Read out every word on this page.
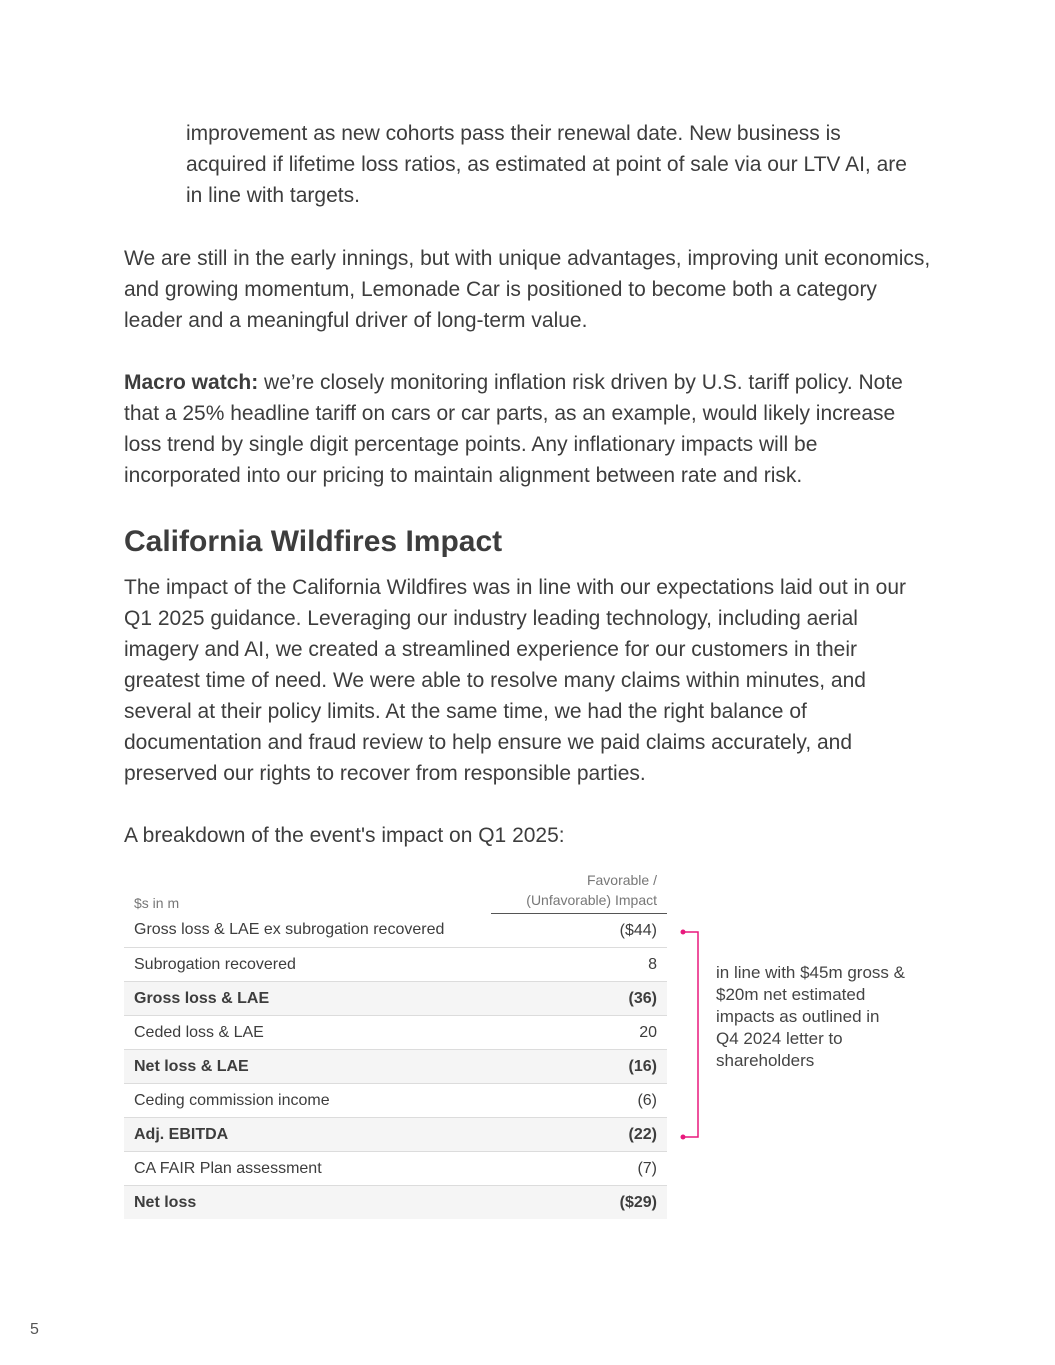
improvement as new cohorts pass their renewal date. New business is acquired if lifetime loss ratios, as estimated at point of sale via our LTV AI, are in line with targets.

We are still in the early innings, but with unique advantages, improving unit economics, and growing momentum, Lemonade Car is positioned to become both a category leader and a meaningful driver of long-term value.

Macro watch: we’re closely monitoring inflation risk driven by U.S. tariff policy. Note that a 25% headline tariff on cars or car parts, as an example, would likely increase loss trend by single digit percentage points. Any inflationary impacts will be incorporated into our pricing to maintain alignment between rate and risk.

California Wildfires Impact

The impact of the California Wildfires was in line with our expectations laid out in our Q1 2025 guidance. Leveraging our industry leading technology, including aerial imagery and AI, we created a streamlined experience for our customers in their greatest time of need. We were able to resolve many claims within minutes, and several at their policy limits. At the same time, we had the right balance of documentation and fraud review to help ensure we paid claims accurately, and preserved our rights to recover from responsible parties.

A breakdown of the event's impact on Q1 2025:

$s in m	Favorable /
(Unfavorable) Impact

Gross loss & LAE ex subrogation recovered	($44)
Subrogation recovered	8
Gross loss & LAE	(36)
Ceded loss & LAE	20
Net loss & LAE	(16)
Ceding commission income	(6)
Adj. EBITDA	(22)
CA FAIR Plan assessment	(7)
Net loss	($29)

in line with $45m gross & $20m net estimated impacts as outlined in Q4 2024 letter to shareholders

5
